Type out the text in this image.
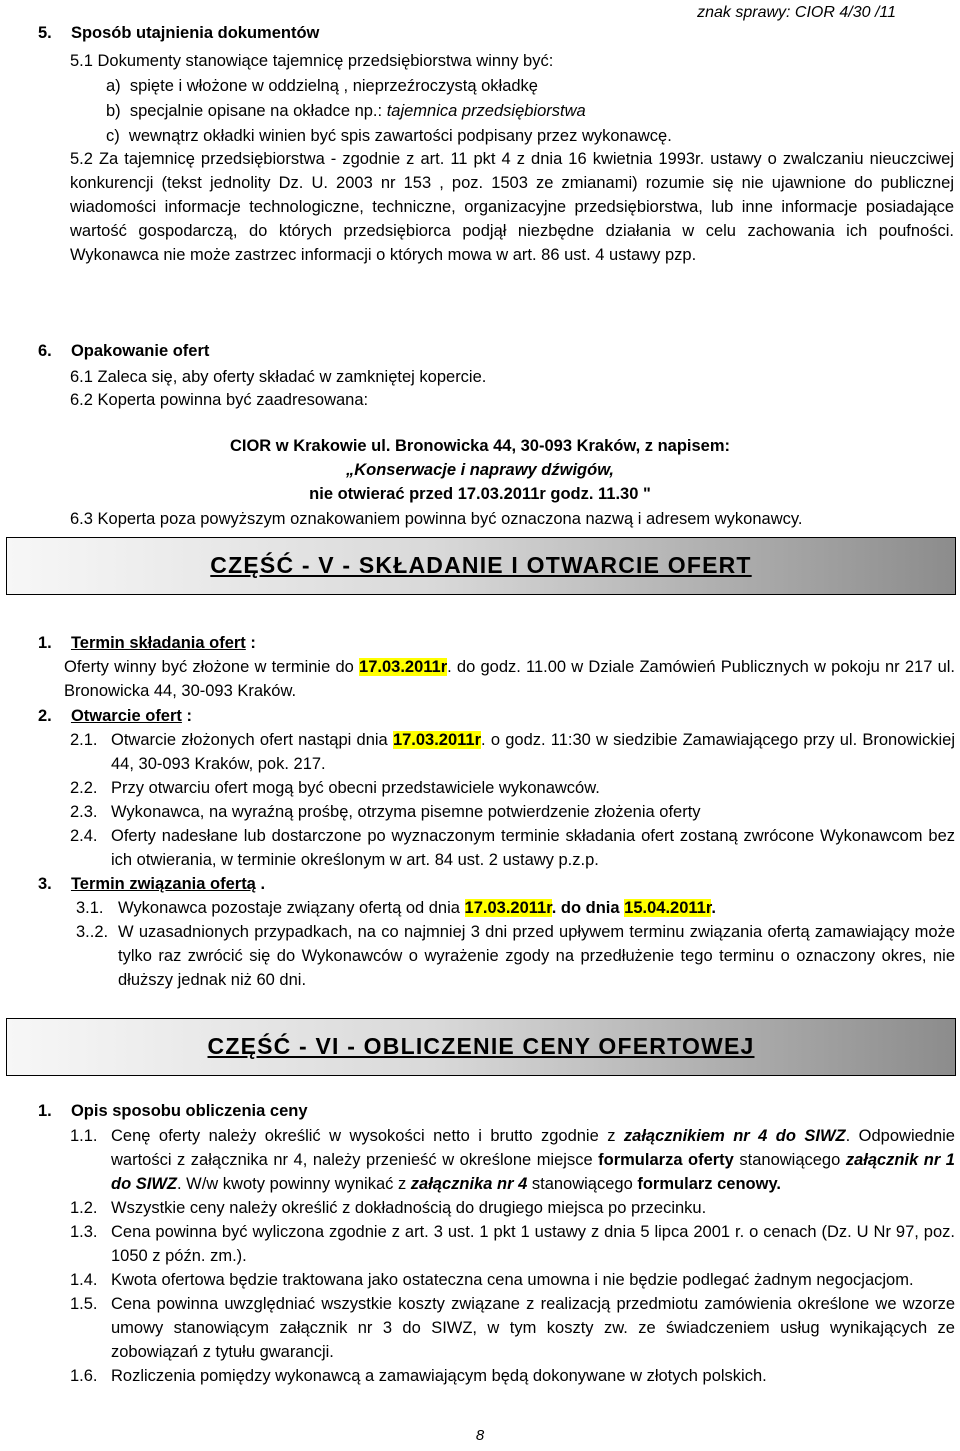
znak sprawy: CIOR 4/30 /11
5. Sposób utajnienia dokumentów
5.1 Dokumenty stanowiące tajemnicę przedsiębiorstwa winny być:
a)  spięte i włożone w oddzielną , nieprzeźroczystą okładkę
b)  specjalnie opisane na okładce np.: tajemnica przedsiębiorstwa
c)  wewnątrz okładki winien być spis zawartości podpisany przez wykonawcę.
5.2 Za tajemnicę przedsiębiorstwa - zgodnie z art. 11 pkt 4 z dnia 16 kwietnia 1993r. ustawy o zwalczaniu nieuczciwej konkurencji (tekst jednolity Dz. U. 2003 nr 153 , poz. 1503 ze zmianami) rozumie się nie ujawnione do publicznej wiadomości informacje technologiczne, techniczne, organizacyjne przedsiębiorstwa, lub inne informacje posiadające wartość gospodarczą, do których przedsiębiorca podjął niezbędne działania w celu zachowania ich poufności. Wykonawca nie może zastrzec informacji o których mowa w art. 86 ust. 4 ustawy pzp.
6. Opakowanie ofert
6.1 Zaleca się, aby oferty składać w zamkniętej kopercie.
6.2 Koperta powinna być zaadresowana:
CIOR w Krakowie ul. Bronowicka 44, 30-093 Kraków, z napisem:
„Konserwacje i naprawy dźwigów,
nie otwierać przed 17.03.2011r godz. 11.30 "
6.3 Koperta poza powyższym oznakowaniem powinna być oznaczona nazwą i adresem wykonawcy.
CZĘŚĆ - V - SKŁADANIE I OTWARCIE OFERT
1. Termin składania ofert :
Oferty winny być złożone w terminie do 17.03.2011r. do godz. 11.00 w Dziale Zamówień Publicznych w pokoju nr 217 ul. Bronowicka 44, 30-093 Kraków.
2. Otwarcie ofert :
2.1. Otwarcie złożonych ofert nastąpi dnia 17.03.2011r. o godz. 11:30 w siedzibie Zamawiającego przy ul. Bronowickiej 44, 30-093 Kraków, pok. 217.
2.2. Przy otwarciu ofert mogą być obecni przedstawiciele wykonawców.
2.3. Wykonawca, na wyraźną prośbę, otrzyma pisemne potwierdzenie złożenia oferty
2.4. Oferty nadesłane lub dostarczone po wyznaczonym terminie składania ofert zostaną zwrócone Wykonawcom bez ich otwierania, w terminie określonym w art. 84 ust. 2 ustawy p.z.p.
3. Termin związania ofertą .
3.1. Wykonawca pozostaje związany ofertą od dnia 17.03.2011r. do dnia 15.04.2011r.
3..2. W uzasadnionych przypadkach, na co najmniej 3 dni przed upływem terminu związania ofertą zamawiający może tylko raz zwrócić się do Wykonawców o wyrażenie zgody na przedłużenie tego terminu o oznaczony okres, nie dłuższy jednak niż 60 dni.
CZĘŚĆ - VI - OBLICZENIE CENY OFERTOWEJ
1. Opis sposobu obliczenia ceny
1.1. Cenę oferty należy określić w wysokości netto i brutto zgodnie z załącznikiem nr 4 do SIWZ. Odpowiednie wartości z załącznika nr 4, należy przenieść w określone miejsce formularza oferty stanowiącego załącznik nr 1 do SIWZ. W/w kwoty powinny wynikać z załącznika nr 4 stanowiącego formularz cenowy.
1.2. Wszystkie ceny należy określić z dokładnością do drugiego miejsca po przecinku.
1.3. Cena powinna być wyliczona zgodnie z art. 3 ust. 1 pkt 1 ustawy z dnia 5 lipca 2001 r. o cenach (Dz. U Nr 97, poz. 1050 z późn. zm.).
1.4. Kwota ofertowa będzie traktowana jako ostateczna cena umowna i nie będzie podlegać żadnym negocjacjom.
1.5. Cena powinna uwzględniać wszystkie koszty związane z realizacją przedmiotu zamówienia określone we wzorze umowy stanowiącym załącznik nr 3 do SIWZ, w tym koszty zw. ze świadczeniem usług wynikających ze zobowiązań z tytułu gwarancji.
1.6. Rozliczenia pomiędzy wykonawcą a zamawiającym będą dokonywane w złotych polskich.
8
